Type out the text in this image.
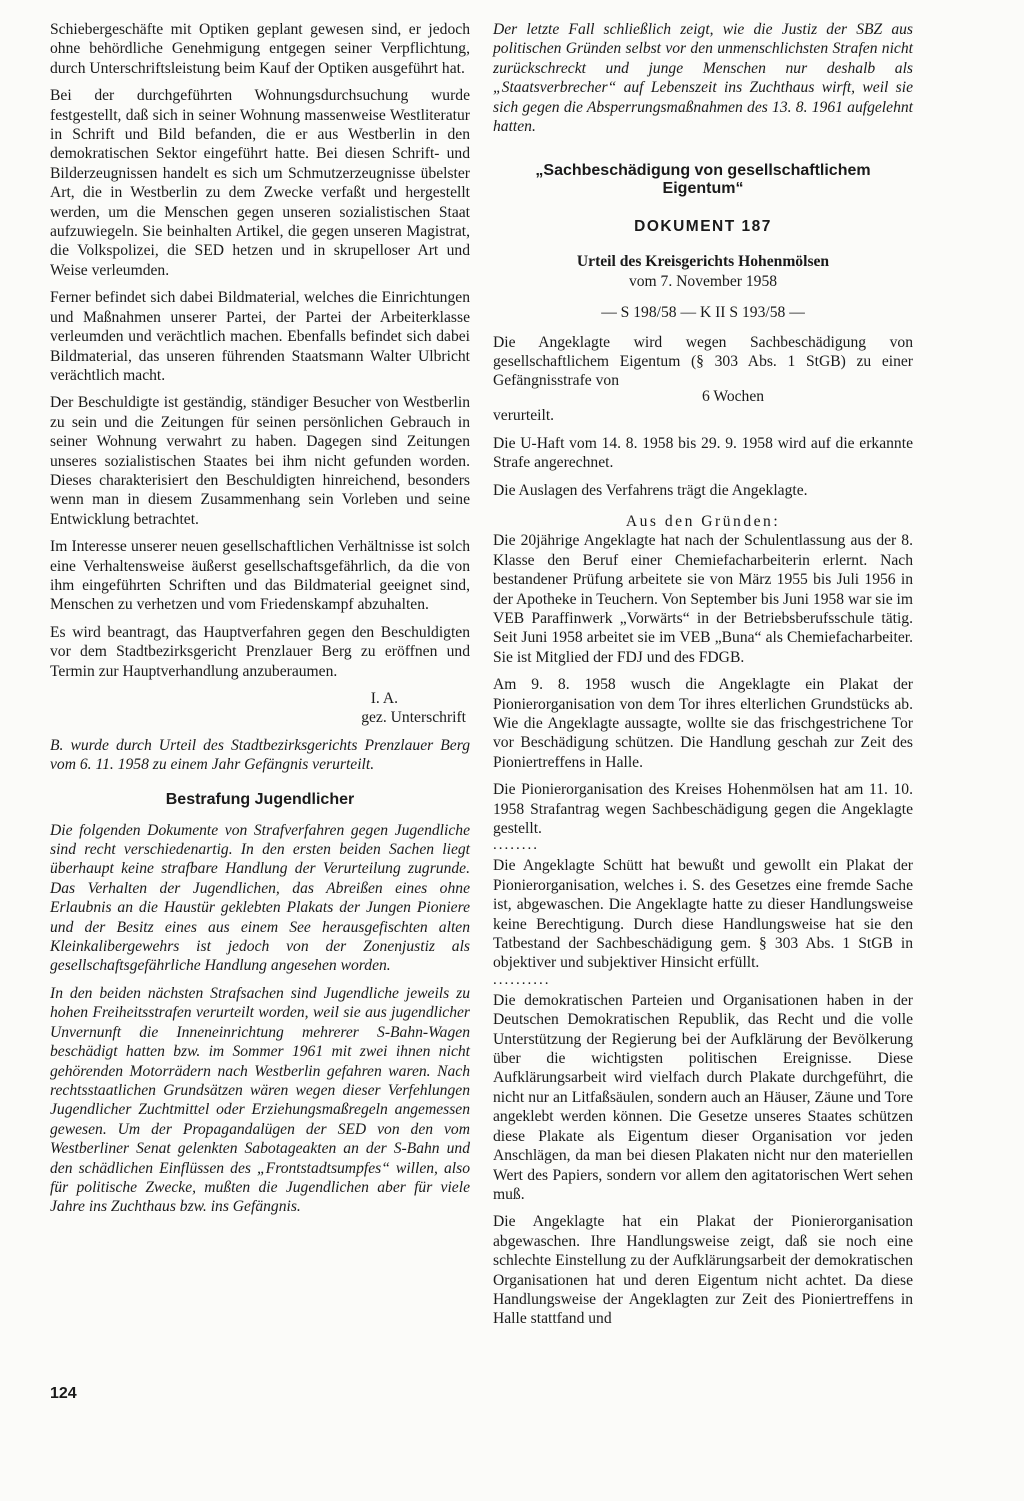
Schiebergeschäfte mit Optiken geplant gewesen sind, er jedoch ohne behördliche Genehmigung entgegen seiner Verpflichtung, durch Unterschriftsleistung beim Kauf der Optiken ausgeführt hat.

Bei der durchgeführten Wohnungsdurchsuchung wurde festgestellt, daß sich in seiner Wohnung massenweise Westliteratur in Schrift und Bild befanden, die er aus Westberlin in den demokratischen Sektor eingeführt hatte. Bei diesen Schrift- und Bilderzeugnissen handelt es sich um Schmutzerzeugnisse übelster Art, die in Westberlin zu dem Zwecke verfaßt und hergestellt werden, um die Menschen gegen unseren sozialistischen Staat aufzuwiegeln. Sie beinhalten Artikel, die gegen unseren Magistrat, die Volkspolizei, die SED hetzen und in skrupelloser Art und Weise verleumden.

Ferner befindet sich dabei Bildmaterial, welches die Einrichtungen und Maßnahmen unserer Partei, der Partei der Arbeiterklasse verleumden und verächtlich machen. Ebenfalls befindet sich dabei Bildmaterial, das unseren führenden Staatsmann Walter Ulbricht verächtlich macht.

Der Beschuldigte ist geständig, ständiger Besucher von Westberlin zu sein und die Zeitungen für seinen persönlichen Gebrauch in seiner Wohnung verwahrt zu haben. Dagegen sind Zeitungen unseres sozialistischen Staates bei ihm nicht gefunden worden. Dieses charakterisiert den Beschuldigten hinreichend, besonders wenn man in diesem Zusammenhang sein Vorleben und seine Entwicklung betrachtet.

Im Interesse unserer neuen gesellschaftlichen Verhältnisse ist solch eine Verhaltensweise äußerst gesellschaftsgefährlich, da die von ihm eingeführten Schriften und das Bildmaterial geeignet sind, Menschen zu verhetzen und vom Friedenskampf abzuhalten.

Es wird beantragt, das Hauptverfahren gegen den Beschuldigten vor dem Stadtbezirksgericht Prenzlauer Berg zu eröffnen und Termin zur Hauptverhandlung anzuberaumen.

I. A.

gez. Unterschrift

B. wurde durch Urteil des Stadtbezirksgerichts Prenzlauer Berg vom 6. 11. 1958 zu einem Jahr Gefängnis verurteilt.

Bestrafung Jugendlicher

Die folgenden Dokumente von Strafverfahren gegen Jugendliche sind recht verschiedenartig. In den ersten beiden Sachen liegt überhaupt keine strafbare Handlung der Verurteilung zugrunde. Das Verhalten der Jugendlichen, das Abreißen eines ohne Erlaubnis an die Haustür geklebten Plakats der Jungen Pioniere und der Besitz eines aus einem See herausgefischten alten Kleinkalibergewehrs ist jedoch von der Zonenjustiz als gesellschaftsgefährliche Handlung angesehen worden.

In den beiden nächsten Strafsachen sind Jugendliche jeweils zu hohen Freiheitsstrafen verurteilt worden, weil sie aus jugendlicher Unvernunft die Inneneinrichtung mehrerer S-Bahn-Wagen beschädigt hatten bzw. im Sommer 1961 mit zwei ihnen nicht gehörenden Motorrädern nach Westberlin gefahren waren. Nach rechtsstaatlichen Grundsätzen wären wegen dieser Verfehlungen Jugendlicher Zuchtmittel oder Erziehungsmaßregeln angemessen gewesen. Um der Propagandalügen der SED von den vom Westberliner Senat gelenkten Sabotageakten an der S-Bahn und den schädlichen Einflüssen des „Frontstadtsumpfes“ willen, also für politische Zwecke, mußten die Jugendlichen aber für viele Jahre ins Zuchthaus bzw. ins Gefängnis.

Der letzte Fall schließlich zeigt, wie die Justiz der SBZ aus politischen Gründen selbst vor den unmenschlichsten Strafen nicht zurückschreckt und junge Menschen nur deshalb als „Staatsverbrecher“ auf Lebenszeit ins Zuchthaus wirft, weil sie sich gegen die Absperrungsmaßnahmen des 13. 8. 1961 aufgelehnt hatten.

„Sachbeschädigung von gesellschaftlichem Eigentum“
DOKUMENT 187

Urteil des Kreisgerichts Hohenmölsen

vom 7. November 1958

— S 198/58 — K II S 193/58 —

Die Angeklagte wird wegen Sachbeschädigung von gesellschaftlichem Eigentum (§ 303 Abs. 1 StGB) zu einer Gefängnisstrafe von

6 Wochen

verurteilt.

Die U-Haft vom 14. 8. 1958 bis 29. 9. 1958 wird auf die erkannte Strafe angerechnet.

Die Auslagen des Verfahrens trägt die Angeklagte.

Aus den Gründen:

Die 20jährige Angeklagte hat nach der Schulentlassung aus der 8. Klasse den Beruf einer Chemiefacharbeiterin erlernt. Nach bestandener Prüfung arbeitete sie von März 1955 bis Juli 1956 in der Apotheke in Teuchern. Von September bis Juni 1958 war sie im VEB Paraffinwerk „Vorwärts“ in der Betriebsberufsschule tätig. Seit Juni 1958 arbeitet sie im VEB „Buna“ als Chemiefacharbeiter. Sie ist Mitglied der FDJ und des FDGB.

Am 9. 8. 1958 wusch die Angeklagte ein Plakat der Pionierorganisation von dem Tor ihres elterlichen Grundstücks ab. Wie die Angeklagte aussagte, wollte sie das frischgestrichene Tor vor Beschädigung schützen. Die Handlung geschah zur Zeit des Pioniertreffens in Halle.

Die Pionierorganisation des Kreises Hohenmölsen hat am 11. 10. 1958 Strafantrag wegen Sachbeschädigung gegen die Angeklagte gestellt.

........

Die Angeklagte Schütt hat bewußt und gewollt ein Plakat der Pionierorganisation, welches i. S. des Gesetzes eine fremde Sache ist, abgewaschen. Die Angeklagte hatte zu dieser Handlungsweise keine Berechtigung. Durch diese Handlungsweise hat sie den Tatbestand der Sachbeschädigung gem. § 303 Abs. 1 StGB in objektiver und subjektiver Hinsicht erfüllt.

..........

Die demokratischen Parteien und Organisationen haben in der Deutschen Demokratischen Republik, das Recht und die volle Unterstützung der Regierung bei der Aufklärung der Bevölkerung über die wichtigsten politischen Ereignisse. Diese Aufklärungsarbeit wird vielfach durch Plakate durchgeführt, die nicht nur an Litfaßsäulen, sondern auch an Häuser, Zäune und Tore angeklebt werden können. Die Gesetze unseres Staates schützen diese Plakate als Eigentum dieser Organisation vor jeden Anschlägen, da man bei diesen Plakaten nicht nur den materiellen Wert des Papiers, sondern vor allem den agitatorischen Wert sehen muß.

Die Angeklagte hat ein Plakat der Pionierorganisation abgewaschen. Ihre Handlungsweise zeigt, daß sie noch eine schlechte Einstellung zu der Aufklärungsarbeit der demokratischen Organisationen hat und deren Eigentum nicht achtet. Da diese Handlungsweise der Angeklagten zur Zeit des Pioniertreffens in Halle stattfand und

124
